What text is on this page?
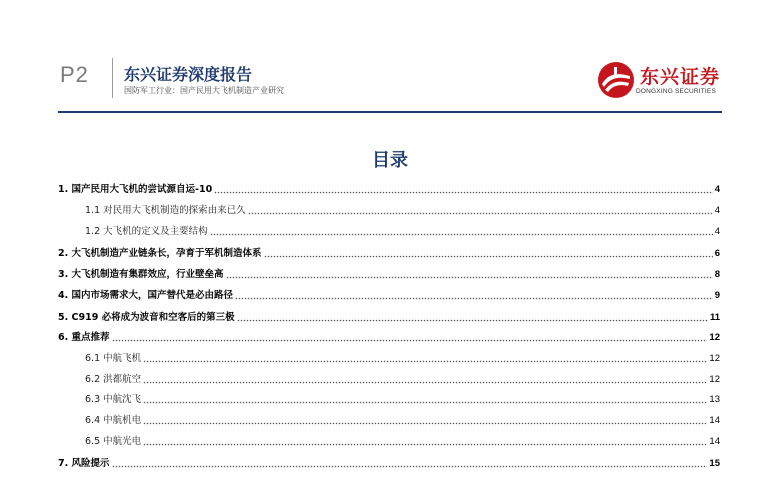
P2 东兴证券深度报告
国防军工行业：国产民用大飞机制造产业研究
东兴证券
DONGXING SECURITIES
目录
1. 国产民用大飞机的尝试源自运-10	4
1.1 对民用大飞机制造的探索由来已久	4
1.2 大飞机的定义及主要结构	4
2. 大飞机制造产业链条长，孕育于军机制造体系	6
3. 大飞机制造有集群效应，行业壁垒高	8
4. 国内市场需求大，国产替代是必由路径	9
5. C919 必将成为波音和空客后的第三极	11
6. 重点推荐	12
6.1 中航飞机	12
6.2 洪都航空	12
6.3 中航沈飞	13
6.4 中航机电	14
6.5 中航光电	14
7. 风险提示	15
